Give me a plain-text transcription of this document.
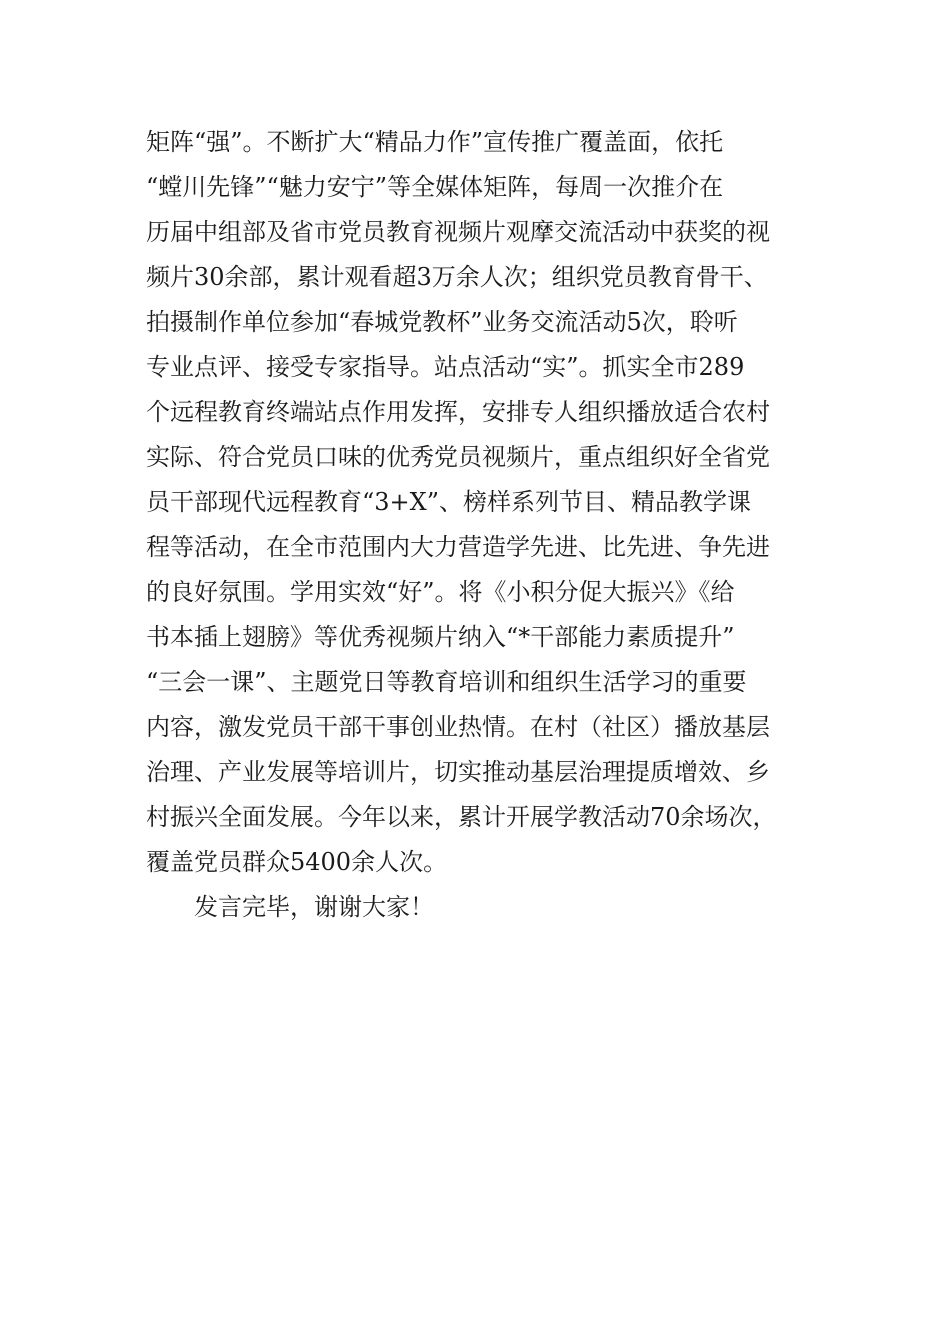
矩阵“强”。不断扩大“精品力作”宣传推广覆盖面，依托
“螳川先锋”“魅力安宁”等全媒体矩阵，每周一次推介在
历届中组部及省市党员教育视频片观摩交流活动中获奖的视
频片30余部，累计观看超3万余人次；组织党员教育骨干、
拍摄制作单位参加“春城党教杯”业务交流活动5次，聆听
专业点评、接受专家指导。站点活动“实”。抓实全市289
个远程教育终端站点作用发挥，安排专人组织播放适合农村
实际、符合党员口味的优秀党员视频片，重点组织好全省党
员干部现代远程教育“3+X”、榜样系列节目、精品教学课
程等活动，在全市范围内大力营造学先进、比先进、争先进
的良好氛围。学用实效“好”。将《小积分促大振兴》《给
书本插上翅膀》等优秀视频片纳入“*干部能力素质提升”
“三会一课”、主题党日等教育培训和组织生活学习的重要
内容，激发党员干部干事创业热情。在村（社区）播放基层
治理、产业发展等培训片，切实推动基层治理提质增效、乡
村振兴全面发展。今年以来，累计开展学教活动70余场次，
覆盖党员群众5400余人次。
发言完毕，谢谢大家！
